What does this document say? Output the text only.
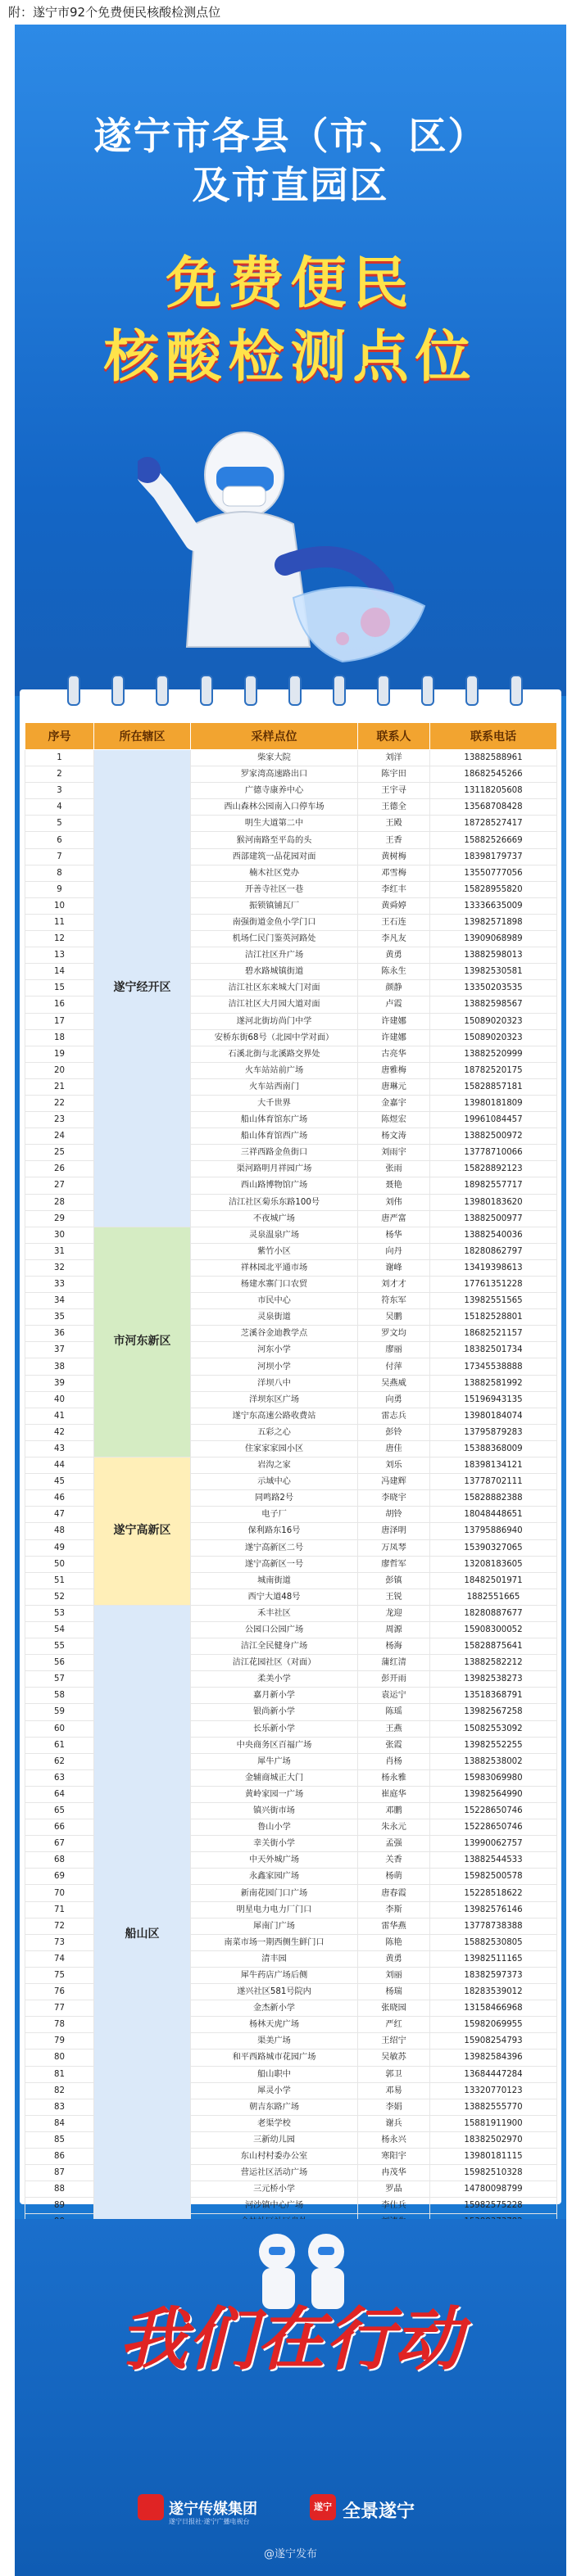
附：遂宁市92个免费便民核酸检测点位
遂宁市各县（市、区）
及市直园区
免费便民
核酸检测点位
序号	所在辖区	采样点位	联系人	联系电话
1	遂宁经开区	柴家大院	刘洋	13882588961
2		罗家湾高速路出口	陈宇田	18682545266
3		广德寺康养中心	王宇寻	13118205608
4		西山森林公园南入口停车场	王德全	13568708428
5		明生大道第二中	王殿	18728527417
6		猴河南路至平岛的头	王香	15882526669
7		西部建筑一品花园对面	黄树梅	18398179737
8		楠木社区党办	邓雪梅	13550777056
9		开善寺社区一巷	李红丰	15828955820
10		振锁镇铺瓦厂	黄舜婷	13336635009
11		南强街道金鱼小学门口	王石连	13982571898
12		机场仁民门鉴英河路处	李凡友	13909068989
13		洁江社区升广场	黄勇	13882598013
14		碧水路城镇街道	陈永生	13982530581
15		洁江社区东来城大门对面	颜静	13350203535
16		洁江社区大月园大道对面	卢霞	13882598567
17		遂河北街坊尚门中学	许建娜	15089020323
18		安桥东街68号（北园中学对面）	许建娜	15089020323
19		石溪北街与北溪路交界处	古亮华	13882520999
20		火车站站前广场	唐雅梅	18782520175
21		火车站西南门	唐琳元	15828857181
22		大千世界	金嘉宇	13980181809
23		船山体育馆东广场	陈煜宏	19961084457
24		船山体育馆西广场	杨文涛	13882500972
25		三祥西路金鱼街口	刘雨宇	13778710066
26		渠河路明月祥园广场	张雨	15828892123
27		西山路博物馆广场	聂艳	18982557717
28		洁江社区菊乐东路100号	刘伟	13980183620
29		不夜城广场	唐严富	13882500977
30	市河东新区	灵泉温泉广场	杨华	13882540036
31		紫竹小区	向丹	18280862797
32		祥林园北平通市场	谢峰	13419398613
33		杨建水寨门口农贸	刘才才	17761351228
34		市民中心	符东军	13982551565
35		灵泉街道	吴鹏	15182528801
36		芝溪谷金迪教学点	罗文均	18682521157
37		河东小学	廖丽	18382501734
38		河坝小学	付萍	17345538888
39		洋坝八中	吴燕威	13882581992
40		洋坝东区广场	向勇	15196943135
41		遂宁东高速公路收费站	雷志兵	13980184074
42		五彩之心	彭铃	13795879283
43		住家家家园小区	唐佳	15388368009
44	遂宁高新区	岩沟之家	刘乐	18398134121
45		示域中心	冯建辉	13778702111
46		同鸣路2号	李晓宇	15828882388
47		电子厂	胡铃	18048448651
48		保利路东16号	唐泽明	13795886940
49		遂宁高新区二号	万凤琴	15390327065
50		遂宁高新区一号	廖哲军	13208183605
51		城南街道	彭镇	18482501971
52		西宁大道48号	王锐	1882551665
53	船山区	禾丰社区	龙迎	18280887677
54		公园口公园广场	周源	15908300052
55		洁江全民健身广场	杨海	15828875641
56		洁江花园社区（对面）	蒲红清	13882582212
57		柔美小学	彭开雨	13982538273
58		嘉月新小学	袁运宁	13518368791
59		银尚新小学	陈瑶	13982567258
60		长乐新小学	王燕	15082553092
61		中央商务区百福广场	张霞	13982552255
62		犀牛广场	肖杨	13882538002
63		金辅商城正大门	杨永雅	15983069980
64		黄岭家园一广场	崔庭华	13982564990
65		镇兴街市场	邓鹏	15228650746
66		鲁山小学	朱永元	15228650746
67		幸关街小学	孟强	13990062757
68		中天外城广场	关香	13882544533
69		永鑫家园广场	杨萌	15982500578
70		新南花园门口广场	唐春霞	15228518622
71		明星电力电力厂门口	李斯	13982576146
72		犀南门广场	雷华燕	13778738388
73		南菜市场一期西侧生鲜门口	陈艳	15882530805
74		清丰园	黄勇	13982511165
75		犀牛药店广场后侧	刘丽	18382597373
76		遂兴社区581号院内	杨瑞	18283539012
77		金杰新小学	张晓园	13158466968
78		杨林天虎广场	严红	15982069955
79		渠美广场	王绍宁	15908254793
80		和平西路城市花园广场	吴敏苏	13982584396
81		船山职中	郭卫	13684447284
82		犀灵小学	邓易	13320770123
83		朝吉东路广场	李娟	13882555770
84		老渠学校	谢兵	15881911900
85		三新幼儿园	杨永兴	18382502970
86		东山村村委办公室	寒阳宇	13980181115
87		营运社区活动广场	冉茂华	15982510328
88		三元桥小学	罗晶	14780098799
89		河沙镇中心广场	李仕兵	15982575228

我们在行动
遂宁传媒集团
遂宁日报社·遂宁广播电视台
遂宁 全景遂宁
@遂宁发布
